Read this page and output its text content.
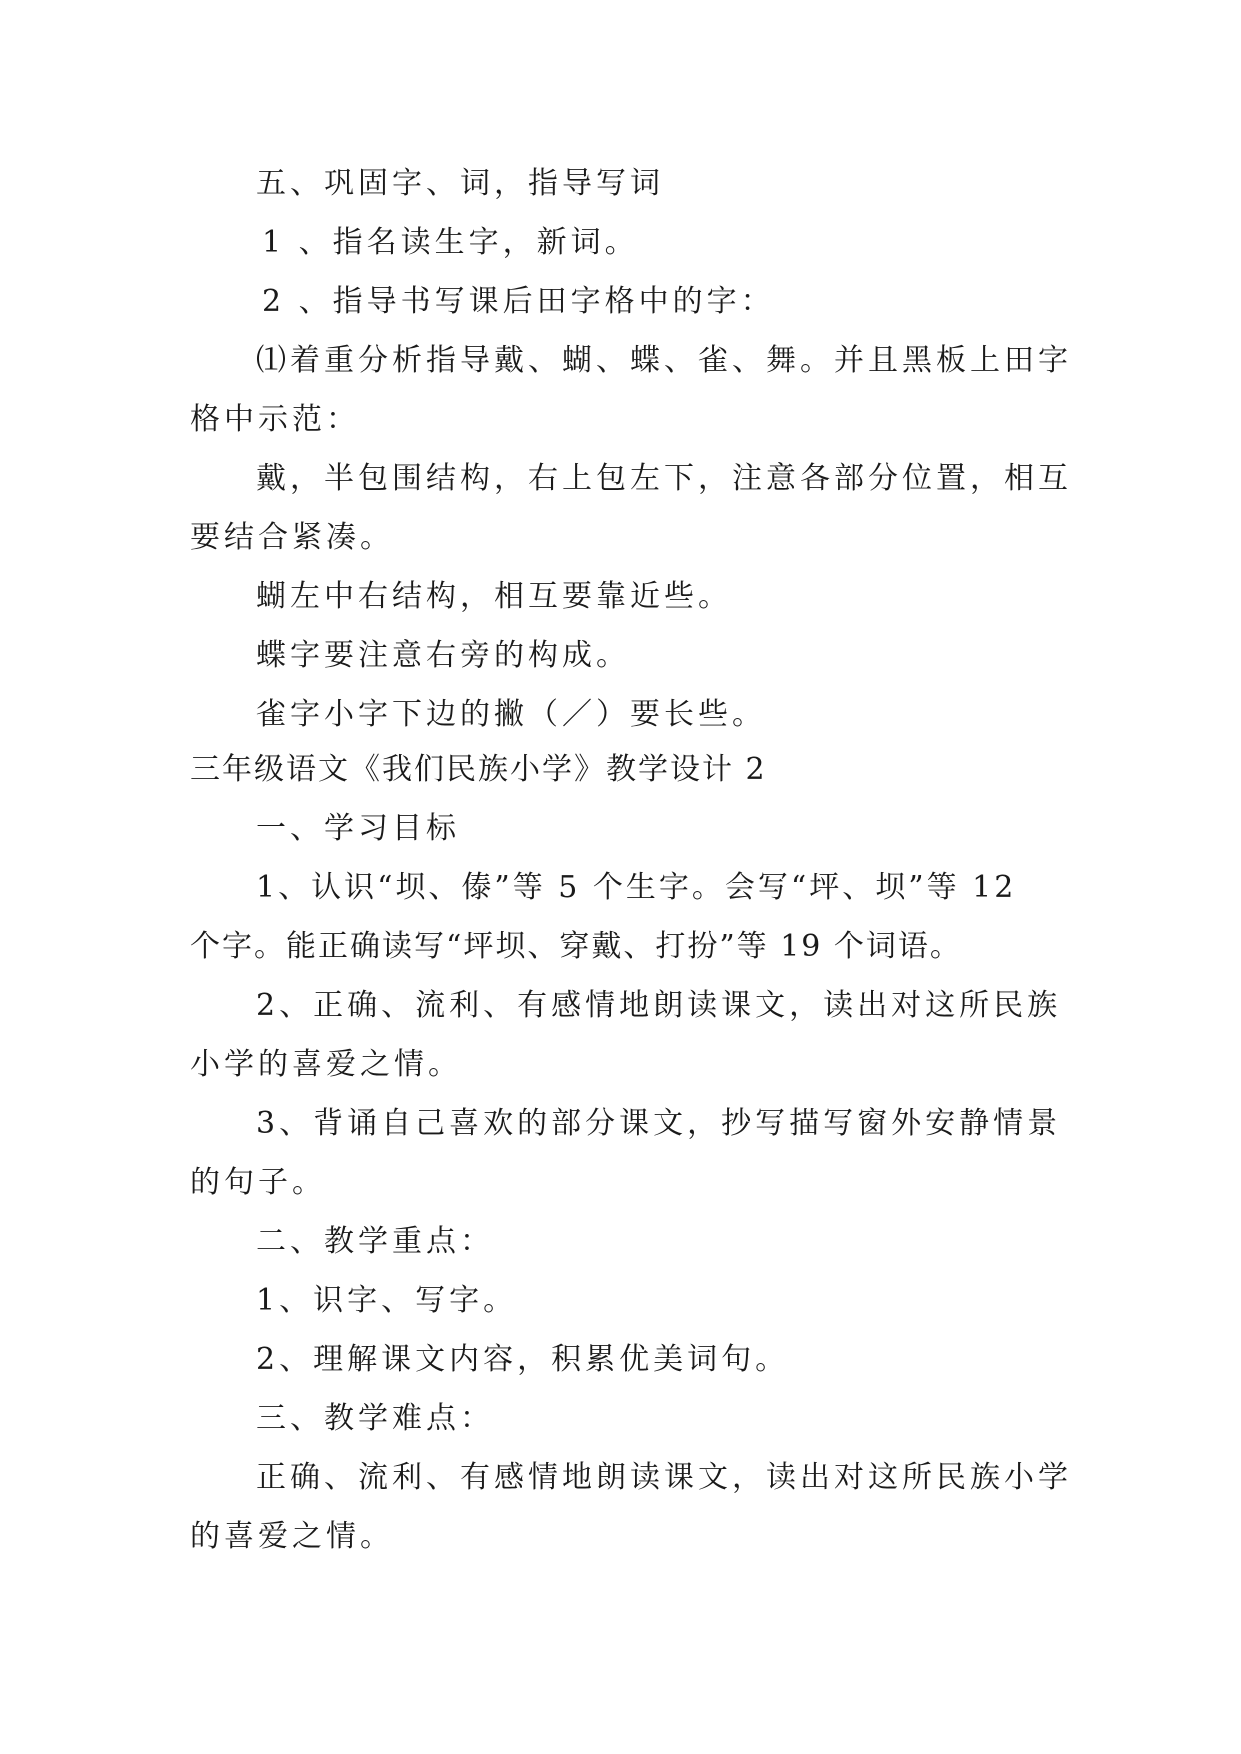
五、巩固字、词，指导写词

1 、指名读生字，新词。

2 、指导书写课后田字格中的字：

⑴着重分析指导戴、蝴、蝶、雀、舞。并且黑板上田字

格中示范：

戴，半包围结构，右上包左下，注意各部分位置，相互

要结合紧凑。

蝴左中右结构，相互要靠近些。

蝶字要注意右旁的构成。

雀字小字下边的撇（／）要长些。

三年级语文《我们民族小学》教学设计 2

一、学习目标

1、认识“坝、傣”等 5 个生字。会写“坪、坝”等 12

个字。能正确读写“坪坝、穿戴、打扮”等 19 个词语。

2、正确、流利、有感情地朗读课文，读出对这所民族

小学的喜爱之情。

3、背诵自己喜欢的部分课文，抄写描写窗外安静情景

的句子。

二、教学重点：

1、识字、写字。

2、理解课文内容，积累优美词句。

三、教学难点：

正确、流利、有感情地朗读课文，读出对这所民族小学

的喜爱之情。
